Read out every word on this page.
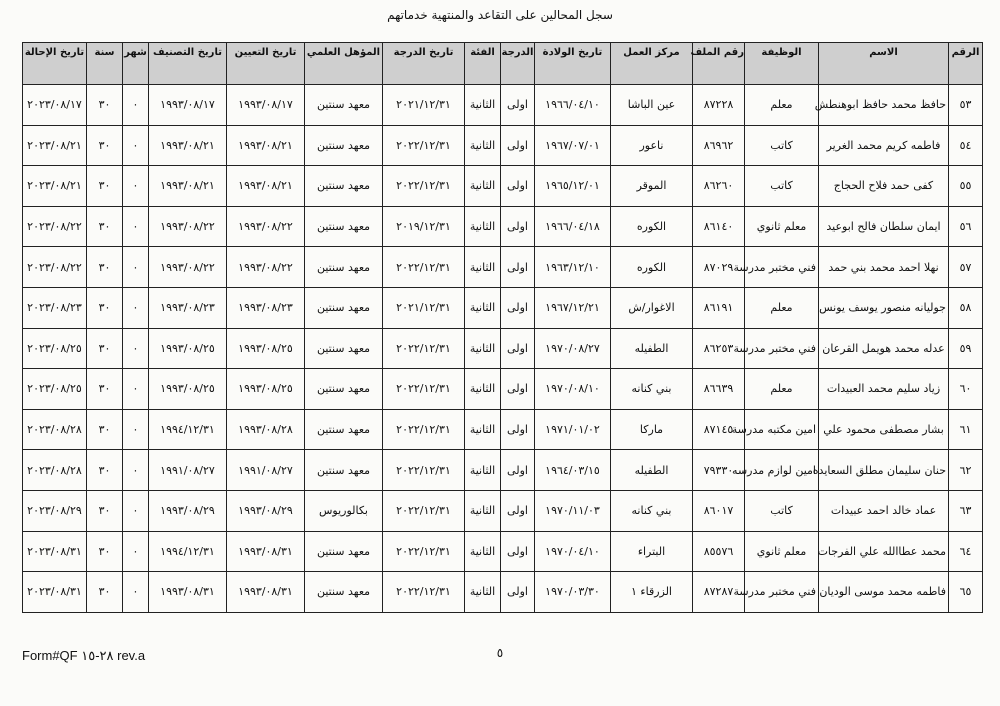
سجل المحالين على التقاعد والمنتهية خدماتهم
الرقم	الاسم	الوظيفة	رقم الملف	مركز العمل	تاريخ الولادة	الدرجة	الفئة	تاريخ الدرجة	المؤهل العلمي	تاريخ التعيين	تاريخ التصنيف	شهر	سنة	تاريخ الإحالة
٥٣	حافظ محمد حافظ ابوهنطش	معلم	٨٧٢٢٨	عين الباشا	١٩٦٦/٠٤/١٠	اولى	الثانية	٢٠٢١/١٢/٣١	معهد سنتين	١٩٩٣/٠٨/١٧	١٩٩٣/٠٨/١٧	٠	٣٠	٢٠٢٣/٠٨/١٧
٥٤	فاطمه كريم محمد الغرير	كاتب	٨٦٩٦٢	ناعور	١٩٦٧/٠٧/٠١	اولى	الثانية	٢٠٢٢/١٢/٣١	معهد سنتين	١٩٩٣/٠٨/٢١	١٩٩٣/٠٨/٢١	٠	٣٠	٢٠٢٣/٠٨/٢١
٥٥	كفى حمد فلاح الحجاج	كاتب	٨٦٢٦٠	الموقر	١٩٦٥/١٢/٠١	اولى	الثانية	٢٠٢٢/١٢/٣١	معهد سنتين	١٩٩٣/٠٨/٢١	١٩٩٣/٠٨/٢١	٠	٣٠	٢٠٢٣/٠٨/٢١
٥٦	ايمان سلطان فالح ابوعيد	معلم ثانوي	٨٦١٤٠	الكوره	١٩٦٦/٠٤/١٨	اولى	الثانية	٢٠١٩/١٢/٣١	معهد سنتين	١٩٩٣/٠٨/٢٢	١٩٩٣/٠٨/٢٢	٠	٣٠	٢٠٢٣/٠٨/٢٢
٥٧	نهلا احمد محمد بني حمد	فني مختبر مدرسة	٨٧٠٢٩	الكوره	١٩٦٣/١٢/١٠	اولى	الثانية	٢٠٢٢/١٢/٣١	معهد سنتين	١٩٩٣/٠٨/٢٢	١٩٩٣/٠٨/٢٢	٠	٣٠	٢٠٢٣/٠٨/٢٢
٥٨	جوليانه منصور يوسف يونس	معلم	٨٦١٩١	الاغوار/ش	١٩٦٧/١٢/٢١	اولى	الثانية	٢٠٢١/١٢/٣١	معهد سنتين	١٩٩٣/٠٨/٢٣	١٩٩٣/٠٨/٢٣	٠	٣٠	٢٠٢٣/٠٨/٢٣
٥٩	عدله محمد هويمل القرعان	فني مختبر مدرسة	٨٦٢٥٣	الطفيله	١٩٧٠/٠٨/٢٧	اولى	الثانية	٢٠٢٢/١٢/٣١	معهد سنتين	١٩٩٣/٠٨/٢٥	١٩٩٣/٠٨/٢٥	٠	٣٠	٢٠٢٣/٠٨/٢٥
٦٠	زياد سليم محمد العبيدات	معلم	٨٦٦٣٩	بني كنانه	١٩٧٠/٠٨/١٠	اولى	الثانية	٢٠٢٢/١٢/٣١	معهد سنتين	١٩٩٣/٠٨/٢٥	١٩٩٣/٠٨/٢٥	٠	٣٠	٢٠٢٣/٠٨/٢٥
٦١	بشار مصطفى محمود علي	امين مكتبه مدرسة	٨٧١٤٥	ماركا	١٩٧١/٠١/٠٢	اولى	الثانية	٢٠٢٢/١٢/٣١	معهد سنتين	١٩٩٣/٠٨/٢٨	١٩٩٤/١٢/٣١	٠	٣٠	٢٠٢٣/٠٨/٢٨
٦٢	حنان سليمان مطلق السعايده	امين لوازم مدرسه	٧٩٣٣٠	الطفيله	١٩٦٤/٠٣/١٥	اولى	الثانية	٢٠٢٢/١٢/٣١	معهد سنتين	١٩٩١/٠٨/٢٧	١٩٩١/٠٨/٢٧	٠	٣٠	٢٠٢٣/٠٨/٢٨
٦٣	عماد خالد احمد عبيدات	كاتب	٨٦٠١٧	بني كنانه	١٩٧٠/١١/٠٣	اولى	الثانية	٢٠٢٢/١٢/٣١	بكالوريوس	١٩٩٣/٠٨/٢٩	١٩٩٣/٠٨/٢٩	٠	٣٠	٢٠٢٣/٠٨/٢٩
٦٤	محمد عطاالله علي الفرجات	معلم ثانوي	٨٥٥٧٦	البتراء	١٩٧٠/٠٤/١٠	اولى	الثانية	٢٠٢٢/١٢/٣١	معهد سنتين	١٩٩٣/٠٨/٣١	١٩٩٤/١٢/٣١	٠	٣٠	٢٠٢٣/٠٨/٣١
٦٥	فاطمه محمد موسى الوديان	فني مختبر مدرسة	٨٧٢٨٧	الزرقاء ١	١٩٧٠/٠٣/٣٠	اولى	الثانية	٢٠٢٢/١٢/٣١	معهد سنتين	١٩٩٣/٠٨/٣١	١٩٩٣/٠٨/٣١	٠	٣٠	٢٠٢٣/٠٨/٣١
Form#QF ٢٨-١٥ rev.a	٥
